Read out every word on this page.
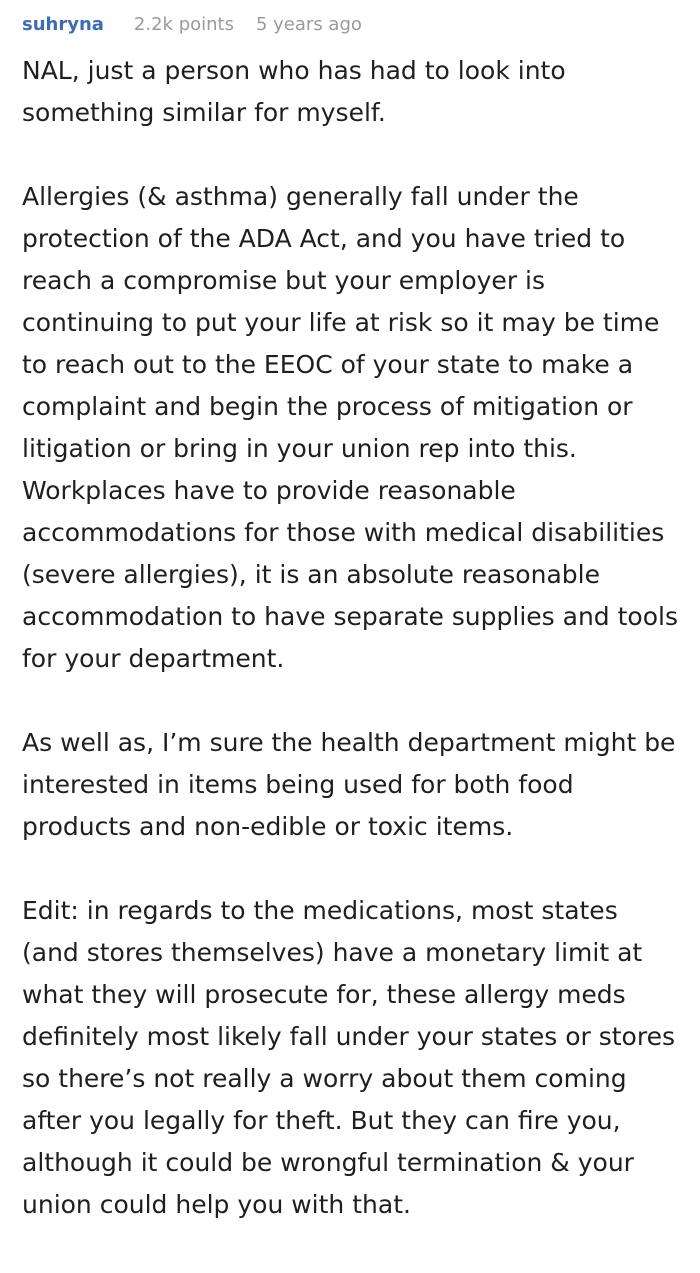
suhryna 2.2k points 5 years ago

NAL, just a person who has had to look into something similar for myself.

Allergies (& asthma) generally fall under the protection of the ADA Act, and you have tried to reach a compromise but your employer is continuing to put your life at risk so it may be time to reach out to the EEOC of your state to make a complaint and begin the process of mitigation or litigation or bring in your union rep into this. Workplaces have to provide reasonable accommodations for those with medical disabilities (severe allergies), it is an absolute reasonable accommodation to have separate supplies and tools for your department.

As well as, I’m sure the health department might be interested in items being used for both food products and non-edible or toxic items.

Edit: in regards to the medications, most states (and stores themselves) have a monetary limit at what they will prosecute for, these allergy meds definitely most likely fall under your states or stores so there’s not really a worry about them coming after you legally for theft. But they can fire you, although it could be wrongful termination & your union could help you with that.
